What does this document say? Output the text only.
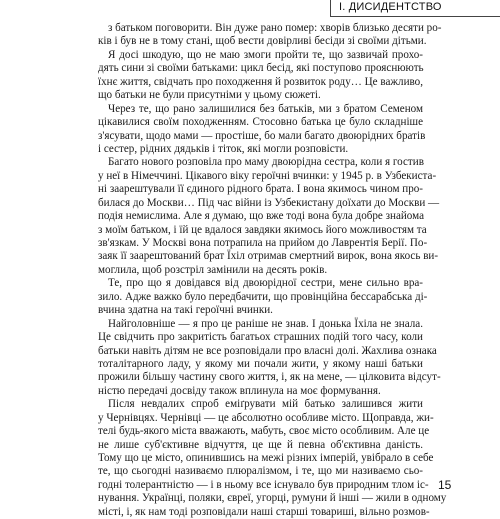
І. ДИСИДЕНТСТВО
з батьком поговорити. Він дуже рано помер: хворів близько десяти ро-
ків і був не в тому стані, щоб вести довірливі бесіди зі своїми дітьми.
Я досі шкодую, що не маю змоги пройти те, що зазвичай прохо-
дять сини зі своїми батьками: цикл бесід, які поступово прояснюють
їхнє життя, свідчать про походження й розвиток роду… Це важливо,
що батьки не були присутніми у цьому сюжеті.
Через те, що рано залишилися без батьків, ми з братом Семеном
цікавилися своїм походженням. Стосовно батька це було складніше
з'ясувати, щодо мами — простіше, бо мали багато двоюрідних братів
і сестер, рідних дядьків і тіток, які могли розповісти.
Багато нового розповіла про маму двоюрідна сестра, коли я гостив
у неї в Німеччині. Цікавого віку героїчні вчинки: у 1945 р. в Узбекиста-
ні заарештували її єдиного рідного брата. І вона якимось чином про-
билася до Москви… Під час війни із Узбекистану доїхати до Москви —
подія немислима. Але я думаю, що вже тоді вона була добре знайома
з моїм батьком, і їй це вдалося завдяки якимось його можливостям та
зв'язкам. У Москві вона потрапила на прийом до Лаврентія Берії. По-
заяк її заарештований брат Їхіл отримав смертний вирок, вона якось ви-
моглила, щоб розстріл замінили на десять років.
Те, про що я довідався від двоюрідної сестри, мене сильно вра-
зило. Адже важко було передбачити, що провінційна бессарабська ді-
вчина здатна на такі героїчні вчинки.
Найголовніше — я про це раніше не знав. І донька Їхіла не знала.
Це свідчить про закритість багатьох страшних подій того часу, коли
батьки навіть дітям не все розповідали про власні долі. Жахлива ознака
тоталітарного ладу, у якому ми почали жити, у якому наші батьки
прожили більшу частину свого життя, і, як на мене, — цілковита відсут-
ністю передачі досвіду також вплинула на моє формування.
Після невдалих спроб еміґрувати мій батько залишився жити
у Чернівцях. Чернівці — це абсолютно особливе місто. Щоправда, жи-
телі будь-якого міста вважають, мабуть, своє місто особливим. Але це
не лише суб'єктивне відчуття, це ще й певна об'єктивна даність.
Тому що це місто, опинившись на межі різних імперій, увібрало в себе
те, що сьогодні називаємо плюралізмом, і те, що ми називаємо сьо-
годні толерантністю — і в ньому все існувало був природним тлом іс-
нування. Українці, поляки, євреї, угорці, румуни й інші — жили в одному
місті, і, як нам тоді розповідали наші старші товариші, вільно розмов-
15
